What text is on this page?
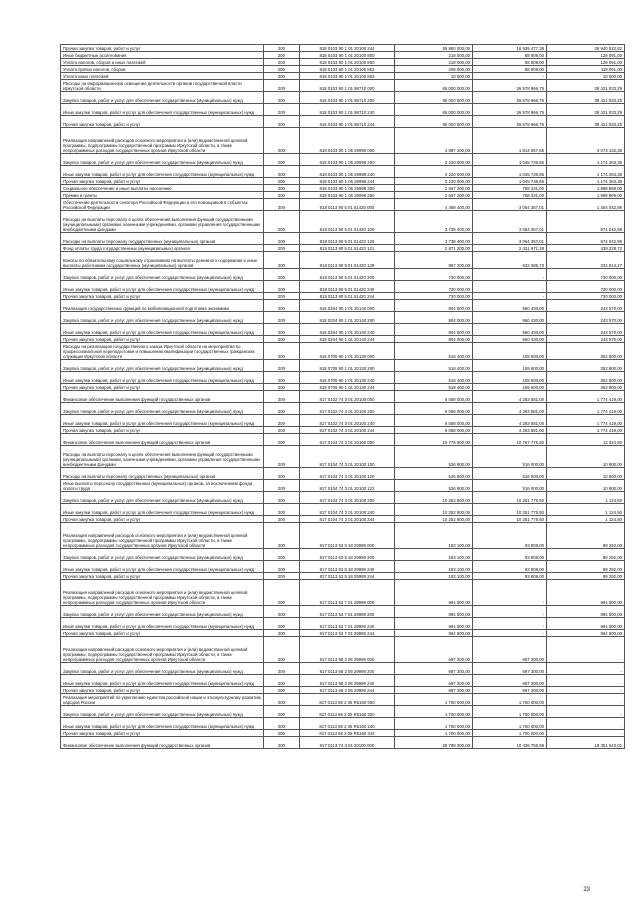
Прочая закупка товаров, работ и услуг	200	818 0103 90 1 01 20100 244	55 890 000,00	16 939 477,38	38 940 522,62
Иные бюджетные ассигнования	200	818 0103 90 1 01 20100 800	218 000,00	88 909,00	129 091,00
Уплата налогов, сборов и иных платежей	200	818 0103 90 1 01 20100 850	218 000,00	88 909,00	129 091,00
Уплата прочих налогов, сборов	200	818 0103 90 1 01 20100 852	208 000,00	88 909,00	119 091,00
Уплата иных платежей	200	818 0103 90 1 01 20100 853	10 000,00	-	10 000,00
Расходы на информационную освещение деятельности органов государственной власти Иркутской области	200	818 0103 90 1 01 98710 000	65 000 000,00	26 578 966,75	38 421 033,25
Закупка товаров, работ и услуг для обеспечения государственных (муниципальных) нужд	200	818 0103 90 1 01 98710 200	65 000 000,00	26 578 966,75	38 421 033,25
Иные закупки товаров, работ и услуг для обеспечения государственных (муниципальных) нужд	200	818 0103 90 1 01 98710 240	65 000 000,00	26 578 966,75	38 421 033,25
Прочая закупка товаров, работ и услуг	200	818 0103 90 1 01 98710 244	65 000 000,00	26 578 966,75	38 421 033,25
Реализация направлений расходов основного мероприятия и (или) ведомственной целевой программы, подпрограммы государственной программы Иркутской области, а также непрограммных расходов государственных органов Иркутской области	200	818 0103 90 1 05 29999 000	4 887 200,00	1 814 067,65	3 073 132,35
Закупка товаров, работ и услуг для обеспечения государственных (муниципальных) нужд	200	818 0103 90 1 05 29999 200	2 220 000,00	1 045 736,65	1 174 263,35
Иные закупки товаров, работ и услуг для обеспечения государственных (муниципальных) нужд	200	818 0103 90 1 05 29999 240	2 220 000,00	1 045 736,65	1 174 263,35
Прочая закупка товаров, работ и услуг	200	818 0103 90 1 05 29999 244	2 220 000,00	1 045 736,65	1 174 263,35
Социальное обеспечение и иные выплаты населению	200	818 0103 90 1 05 29999 300	2 667 200,00	768 331,00	1 898 869,00
Премии и гранты	200	818 0103 90 1 05 29999 350	2 667 200,00	768 331,00	1 898 869,00
Обеспечение деятельности сенатора Российской Федерации и его помощников в субъектах Российской Федерации	200	818 0113 90 5 01 51420 000	4 468 400,00	3 064 357,01	1 404 042,99
Расходы на выплаты персоналу в целях обеспечения выполнения функций государственными (муниципальными) органами, казенными учреждениями, органами управления государственными внебюджетными фондами	200	818 0113 90 5 01 51420 100	3 738 400,00	3 064 357,01	674 042,99
Расходы на выплаты персоналу государственных (муниципальных) органов	200	818 0113 90 5 01 51420 120	3 738 400,00	3 064 357,01	674 042,99
Фонд оплаты труда государственных (муниципальных) органов	200	818 0113 90 5 01 51420 121	2 871 200,00	2 431 971,28	439 228,72
Взносы по обязательному социальному страхованию на выплаты денежного содержания и иные выплаты работникам государственных (муниципальных) органов	200	818 0113 90 5 01 51420 129	867 200,00	632 385,73	234 814,27
Закупка товаров, работ и услуг для обеспечения государственных (муниципальных) нужд	200	818 0113 90 5 01 51420 200	730 000,00	-	730 000,00
Иные закупки товаров, работ и услуг для обеспечения государственных (муниципальных) нужд	200	818 0113 90 5 01 51420 240	730 000,00	-	730 000,00
Прочая закупка товаров, работ и услуг	200	818 0113 90 5 01 51420 244	730 000,00	-	730 000,00
Реализация государственных функций по мобилизационной подготовке экономики	200	818 0204 90 1 01 20140 000	804 000,00	560 430,00	243 570,00
Закупка товаров, работ и услуг для обеспечения государственных (муниципальных) нужд	200	818 0204 90 1 01 20140 200	804 000,00	560 430,00	243 570,00
Иные закупки товаров, работ и услуг для обеспечения государственных (муниципальных) нужд	200	818 0204 90 1 01 20140 240	804 000,00	560 430,00	243 570,00
Прочая закупка товаров, работ и услуг	200	818 0204 90 1 01 20140 244	804 000,00	560 430,00	243 570,00
Расходы на реализацию государственного заказа Иркутской области на мероприятия по профессиональной переподготовке и повышению квалификации государственных гражданских служащих Иркутской области	200	818 0705 90 1 01 20130 000	518 400,00	165 600,00	352 800,00
Закупка товаров, работ и услуг для обеспечения государственных (муниципальных) нужд	200	818 0705 90 1 01 20130 200	518 400,00	165 600,00	352 800,00
Иные закупки товаров, работ и услуг для обеспечения государственных (муниципальных) нужд	200	818 0705 90 1 01 20130 240	518 400,00	165 600,00	352 800,00
Прочая закупка товаров, работ и услуг	200	818 0705 90 1 01 20130 244	518 400,00	165 600,00	352 800,00
Финансовое обеспечение выполнения функций государственных органов	200	817 0102 74 3 01 20100 000	6 058 000,00	4 283 581,00	1 774 419,00
Закупка товаров, работ и услуг для обеспечения государственных (муниципальных) нужд	200	817 0102 74 3 01 20100 200	6 058 000,00	4 283 581,00	1 774 419,00
Иные закупки товаров, работ и услуг для обеспечения государственных (муниципальных) нужд	200	817 0102 74 3 01 20100 240	6 058 000,00	4 283 581,00	1 774 419,00
Прочая закупка товаров, работ и услуг	200	817 0102 74 3 01 20100 244	6 058 000,00	4 283 581,00	1 774 419,00
Финансовое обеспечение выполнения функций государственных органов	200	817 0104 74 3 01 20100 000	10 779 900,00	10 767 775,50	12 024,50
Расходы на выплаты персоналу в целях обеспечения выполнения функций государственными (муниципальными) органами, казенными учреждениями, органами управления государственными внебюджетными фондами	200	817 0104 74 3 01 20100 100	526 900,00	516 000,00	10 900,00
Расходы на выплаты персоналу государственных (муниципальных) органов	200	817 0104 74 3 01 20100 120	526 900,00	516 000,00	10 900,00
Иные выплаты персоналу государственных (муниципальных) органов, за исключением фонда оплаты труда	200	817 0104 74 3 01 20100 122	526 900,00	516 000,00	10 900,00
Закупка товаров, работ и услуг для обеспечения государственных (муниципальных) нужд	200	817 0104 74 3 01 20100 200	10 252 900,00	10 251 775,50	1 124,50
Иные закупки товаров, работ и услуг для обеспечения государственных (муниципальных) нужд	200	817 0104 74 3 01 20100 240	10 252 900,00	10 251 775,50	1 124,50
Прочая закупка товаров, работ и услуг	200	817 0104 74 3 01 20100 244	10 252 900,00	10 251 775,50	1 124,50
Реализация направлений расходов основного мероприятия и (или) ведомственной целевой программы, подпрограммы государственной программы Иркутской области, а также непрограммных расходов государственных органов Иркутской области	200	817 0113 53 5 18 29999 000	183 100,00	93 808,00	89 292,00
Закупка товаров, работ и услуг для обеспечения государственных (муниципальных) нужд	200	817 0113 53 5 18 29999 200	183 100,00	93 808,00	89 292,00
Иные закупки товаров, работ и услуг для обеспечения государственных (муниципальных) нужд	200	817 0113 53 5 18 29999 240	183 100,00	93 808,00	89 292,00
Прочая закупка товаров, работ и услуг	200	817 0113 53 5 18 29999 244	183 100,00	93 808,00	89 292,00
Реализация направлений расходов основного мероприятия и (или) ведомственной целевой программы, подпрограммы государственной программы Иркутской области, а также непрограммных расходов государственных органов Иркутской области	200	817 0113 53 7 01 29999 000	994 500,00	-	994 500,00
Закупка товаров, работ и услуг для обеспечения государственных (муниципальных) нужд	200	817 0113 53 7 01 29999 200	994 500,00	-	994 500,00
Иные закупки товаров, работ и услуг для обеспечения государственных (муниципальных) нужд	200	817 0113 53 7 01 29999 240	994 500,00	-	994 500,00
Прочая закупка товаров, работ и услуг	200	817 0113 53 7 01 29999 244	994 500,00	-	994 500,00
Реализация направлений расходов основного мероприятия и (или) ведомственной целевой программы, подпрограммы государственной программы Иркутской области, а также непрограммных расходов государственных органов Иркутской области	200	817 0113 68 2 05 29999 000	697 300,00	697 300,00	-
Закупка товаров, работ и услуг для обеспечения государственных (муниципальных) нужд	200	817 0113 68 2 05 29999 200	697 300,00	697 300,00	-
Иные закупки товаров, работ и услуг для обеспечения государственных (муниципальных) нужд	200	817 0113 68 2 05 29999 240	697 300,00	697 300,00	-
Прочая закупка товаров, работ и услуг	200	817 0113 68 2 05 29999 244	697 300,00	697 300,00	-
Реализация мероприятий по укреплению единства российской нации и этнокультурному развитию народов России	200	817 0113 68 2 05 R5160 000	1 700 000,00	1 700 000,00	-
Закупка товаров, работ и услуг для обеспечения государственных (муниципальных) нужд	200	817 0113 68 2 05 R5160 200	1 700 000,00	1 700 000,00	-
Иные закупки товаров, работ и услуг для обеспечения государственных (муниципальных) нужд	200	817 0113 68 2 05 R5160 240	1 700 000,00	1 700 000,00	-
Прочая закупка товаров, работ и услуг	200	817 0113 68 2 05 R5160 244	1 700 000,00	1 700 000,00	-
Финансовое обеспечение выполнения функций государственных органов	200	817 0113 74 3 01 20100 000	28 788 300,00	10 436 756,99	18 351 543,01
23
